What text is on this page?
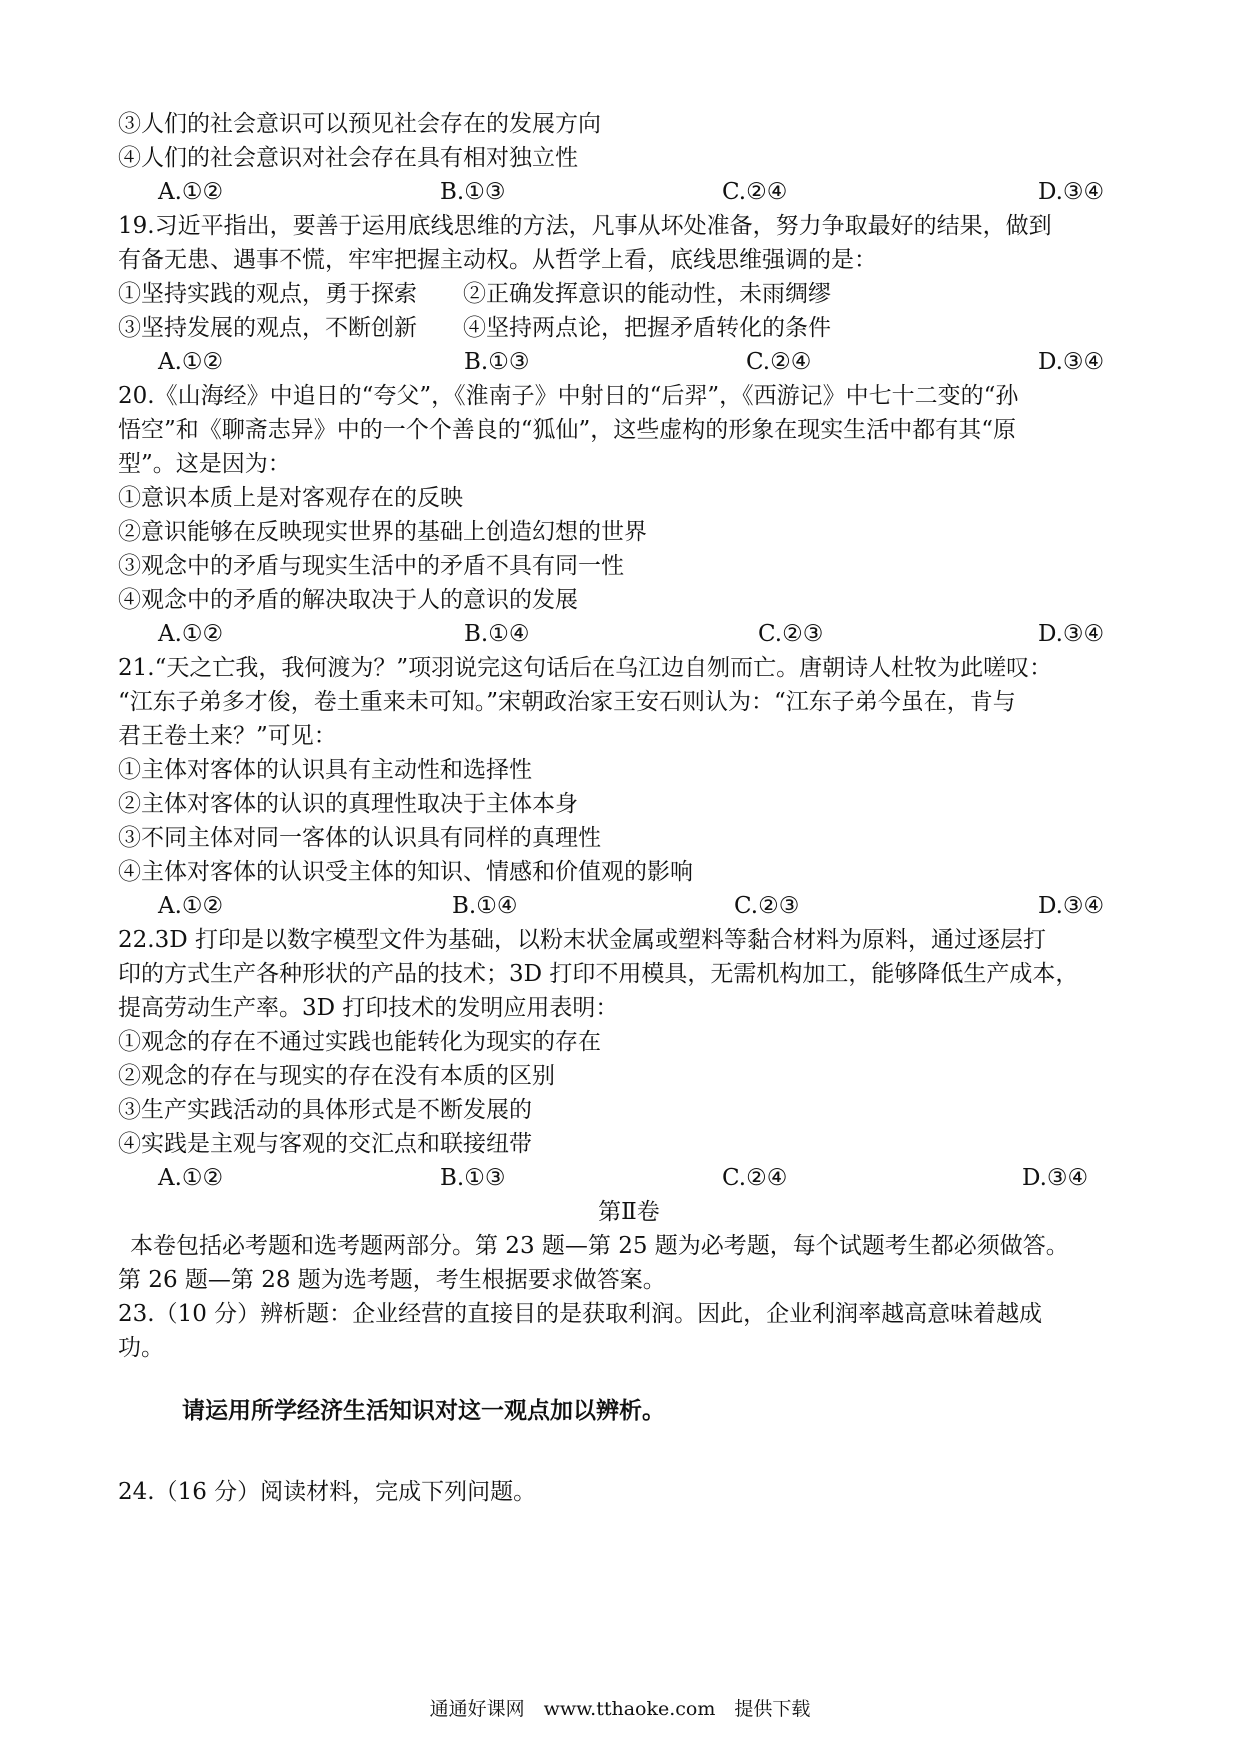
③人们的社会意识可以预见社会存在的发展方向
④人们的社会意识对社会存在具有相对独立性
A.①②	B.①③	C.②④	D.③④
19.习近平指出，要善于运用底线思维的方法，凡事从坏处准备，努力争取最好的结果，做到
有备无患、遇事不慌，牢牢把握主动权。从哲学上看，底线思维强调的是：
①坚持实践的观点，勇于探索　　②正确发挥意识的能动性，未雨绸缪
③坚持发展的观点，不断创新　　④坚持两点论，把握矛盾转化的条件
A.①②	B.①③	C.②④	D.③④
20.《山海经》中追日的“夸父”，《淮南子》中射日的“后羿”，《西游记》中七十二变的“孙
悟空”和《聊斋志异》中的一个个善良的“狐仙”，这些虚构的形象在现实生活中都有其“原
型”。这是因为：
①意识本质上是对客观存在的反映
②意识能够在反映现实世界的基础上创造幻想的世界
③观念中的矛盾与现实生活中的矛盾不具有同一性
④观念中的矛盾的解决取决于人的意识的发展
A.①②	B.①④	C.②③	D.③④
21.“天之亡我，我何渡为？”项羽说完这句话后在乌江边自刎而亡。唐朝诗人杜牧为此嗟叹：
“江东子弟多才俊，卷土重来未可知。”宋朝政治家王安石则认为：“江东子弟今虽在，肯与
君王卷土来？”可见：
①主体对客体的认识具有主动性和选择性
②主体对客体的认识的真理性取决于主体本身
③不同主体对同一客体的认识具有同样的真理性
④主体对客体的认识受主体的知识、情感和价值观的影响
A.①②	B.①④	C.②③	D.③④
22.3D 打印是以数字模型文件为基础，以粉末状金属或塑料等黏合材料为原料，通过逐层打
印的方式生产各种形状的产品的技术；3D 打印不用模具，无需机构加工，能够降低生产成本，
提高劳动生产率。3D 打印技术的发明应用表明：
①观念的存在不通过实践也能转化为现实的存在
②观念的存在与现实的存在没有本质的区别
③生产实践活动的具体形式是不断发展的
④实践是主观与客观的交汇点和联接纽带
A.①②	B.①③	C.②④	D.③④
第Ⅱ卷
本卷包括必考题和选考题两部分。第 23 题—第 25 题为必考题，每个试题考生都必须做答。
第 26 题—第 28 题为选考题，考生根据要求做答案。
23.（10 分）辨析题：企业经营的直接目的是获取利润。因此，企业利润率越高意味着越成
功。
请运用所学经济生活知识对这一观点加以辨析。
24.（16 分）阅读材料，完成下列问题。
通通好课网　www.tthaoke.com　提供下载
